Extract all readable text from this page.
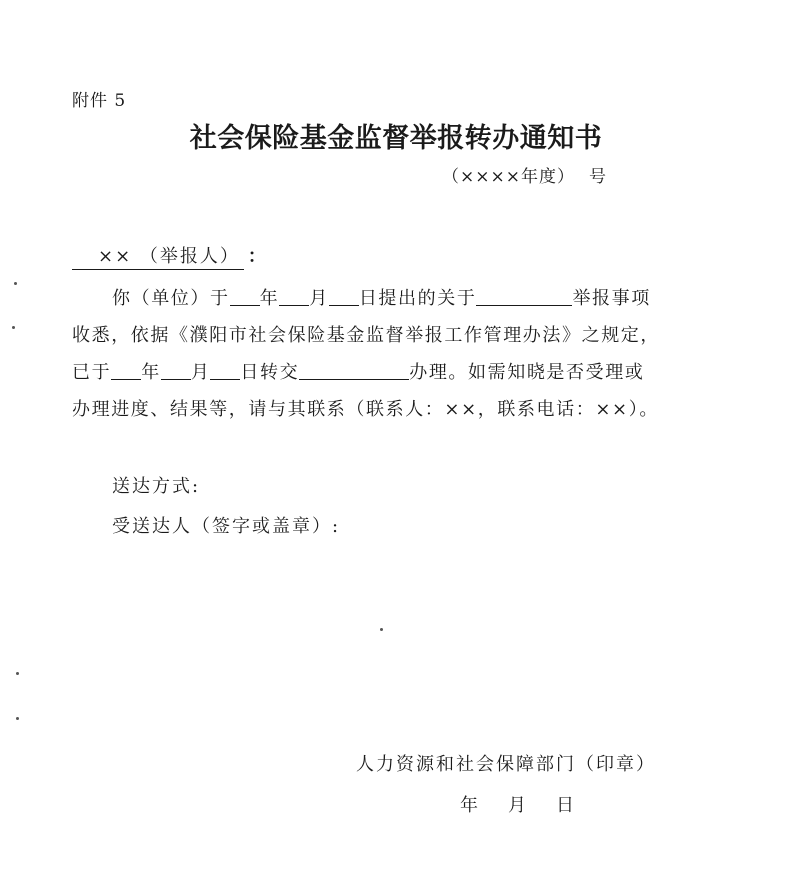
附件 5
社会保险基金监督举报转办通知书
（××××年度） 号
×× （举报人） ：
你（单位）于 年 月 日提出的关于	举报事项
收悉，依据《濮阳市社会保险基金监督举报工作管理办法》之规定，
已于 年 月 日转交	办理。如需知晓是否受理或
办理进度、结果等，请与其联系（联系人：××，联系电话：××）。
送达方式:
受送达人（签字或盖章）:
人力资源和社会保障部门（印章）
年 月 日
